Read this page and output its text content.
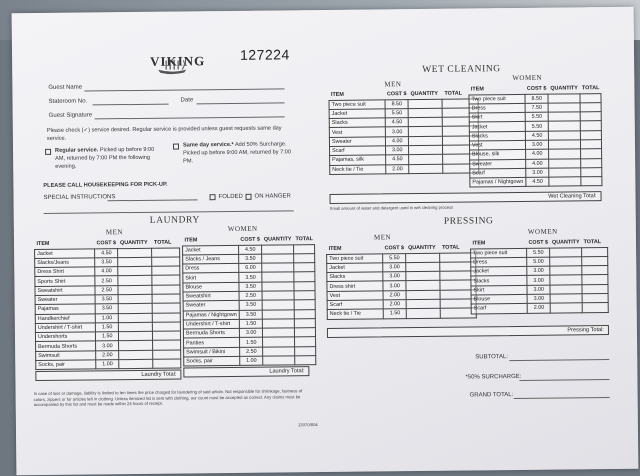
VIKING 127224
Guest Name
Stateroom No.	Date
Guest Signature
Please check (✓) service desired. Regular service is provided unless guest requests same day service.
Regular service. Picked up before 9:00 AM, returned by 7:00 PM the following evening.
Same day service.* Add 50% Surcharge. Picked up before 9:00 AM, returned by 7:00 PM.
PLEASE CALL HOUSEKEEPING FOR PICK-UP.
SPECIAL INSTRUCTIONS	FOLDED ON HANGER
LAUNDRY
MEN	WOMEN
ITEM	COST $	QUANTITY	TOTAL
Jacket	4.50		
Slacks/Jeans	3.50		
Dress Shirt	4.00		
Sports Shirt	2.50		
Sweatshirt	2.50		
Sweater	3.50		
Pajamas	3.50		
Handkerchief	1.00		
Undershirt / T-shirt	1.50		
Undershorts	1.50		
Bermuda Shorts	3.00		
Swimsuit	2.00		
Socks, pair	1.00		
Laundry Total:
ITEM	COST $	QUANTITY	TOTAL
Jacket	4.50		
Slacks / Jeans	3.50		
Dress	6.00		
Skirt	3.50		
Blouse	3.50		
Sweatshirt	2.50		
Sweater	3.50		
Pajamas / Nightgown	3.50		
Undershirt / T-shirt	1.50		
Bermuda Shorts	3.00		
Panties	1.50		
Swimsuit / Bikini	2.50		
Socks, pair	1.00		
Laundry Total:
In case of loss or damage, liability is limited to ten times the price charged for laundering of said article. Not responsible for shrinkage, fastness of colors, zippers or for articles left in clothing. Unless itemized list is sent with clothing, our count must be accepted as correct. Any claims must be accompanied by this list and must be made within 24 hours of receipt.
13070/804
WET CLEANING
MEN
WOMEN
ITEM	COST $	QUANTITY	TOTAL
Two piece suit	8.50		
Jacket	5.50		
Slacks	4.50		
Vest	3.00		
Sweater	4.00		
Scarf	3.00		
Pajamas, silk	4.50		
Neck tie / Tie	2.00		
ITEM	COST $	QUANTITY	TOTAL
Two piece suit	8.50		
Dress	7.50		
Skirt	5.50		
Jacket	5.50		
Slacks	4.50		
Vest	3.00		
Blouse, silk	4.00		
Sweater	4.00		
Scarf	3.00		
Pajamas / Nightgown	4.50		
Wet Cleaning Total:
Small amount of water and detergent used in wet cleaning process
PRESSING
MEN
WOMEN
ITEM	COST $	QUANTITY	TOTAL
Two piece suit	5.50		
Jacket	3.00		
Slacks	3.00		
Dress shirt	3.00		
Vest	2.00		
Scarf	2.00		
Neck tie / Tie	1.50		
ITEM	COST $	QUANTITY	TOTAL
Two piece suit	5.50		
Dress	5.00		
Jacket	3.00		
Slacks	3.00		
Skirt	3.00		
Blouse	3.00		
Scarf	2.00		
Pressing Total:
SUBTOTAL:
*50% SURCHARGE:
GRAND TOTAL:
